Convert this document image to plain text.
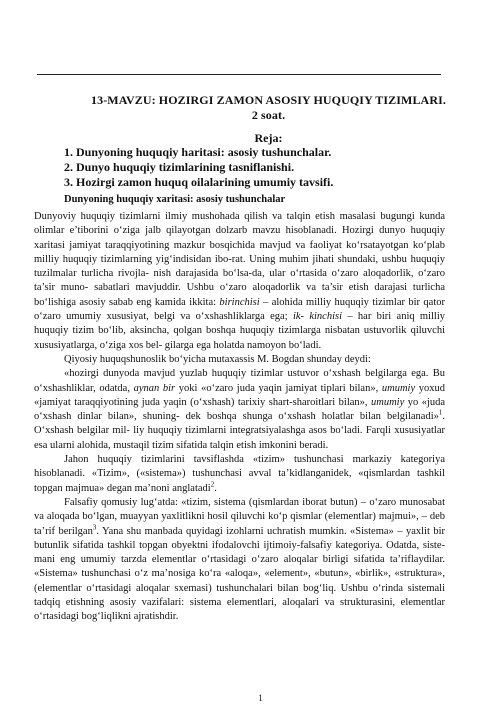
13-MAVZU: HOZIRGI ZAMON ASOSIY HUQUQIY TIZIMLARI.
2 soat.
Reja:
1. Dunyoning huquqiy haritasi: asosiy tushunchalar.
2. Dunyo huquqiy tizimlarining tasniflanishi.
3. Hozirgi zamon huquq oilalarining umumiy tavsifi.
Dunyoning huquqiy xaritasi: asosiy tushunchalar

Dunyoviy huquqiy tizimlarni ilmiy mushohada qilish va talqin etish masalasi bugungi kunda olimlar e’tiborini o‘ziga jalb qilayotgan dolzarb mavzu hisoblanadi. Hozirgi dunyo huquqiy xaritasi jamiyat taraqqiyotining mazkur bosqichida mavjud va faoliyat ko‘rsatayotgan ko‘plab milliy huquqiy tizimlarning yig‘indisidan ibo-rat. Uning muhim jihati shundaki, ushbu huquqiy tuzilmalar turlicha rivojla- nish darajasida bo‘lsa-da, ular o‘rtasida o‘zaro aloqadorlik, o‘zaro ta’sir muno- sabatlari mavjuddir. Ushbu o‘zaro aloqadorlik va ta’sir etish darajasi turlicha bo‘lishiga asosiy sabab eng kamida ikkita: birinchisi – alohida milliy huquqiy tizimlar bir qator o‘zaro umumiy xususiyat, belgi va o‘xshashliklarga ega; ik- kinchisi – har biri aniq milliy huquqiy tizim bo‘lib, aksincha, qolgan boshqa huquqiy tizimlarga nisbatan ustuvorlik qiluvchi xususiyatlarga, o‘ziga xos bel- gilarga ega holatda namoyon bo‘ladi.

Qiyosiy huquqshunoslik bo‘yicha mutaxassis M. Bogdan shunday deydi:

«hozirgi dunyoda mavjud yuzlab huquqiy tizimlar ustuvor o‘xshash belgilarga ega. Bu o‘xshashliklar, odatda, aynan bir yoki «o‘zaro juda yaqin jamiyat tiplari bilan», umumiy yoxud «jamiyat taraqqiyotining juda yaqin (o‘xshash) tarixiy shart-sharoitlari bilan», umumiy yo «juda o‘xshash dinlar bilan», shuning- dek boshqa shunga o‘xshash holatlar bilan belgilanadi»$^1$. O‘xshash belgilar mil- liy huquqiy tizimlarni integratsiyalashga asos bo‘ladi. Farqli xususiyatlar esa ularni alohida, mustaqil tizim sifatida talqin etish imkonini beradi.

Jahon huquqiy tizimlarini tavsiflashda «tizim» tushunchasi markaziy kategoriya hisoblanadi. «Tizim», («sistema») tushunchasi avval ta’kidlanganidek, «qismlardan tashkil topgan majmua» degan ma’noni anglatadi$^2$.

Falsafiy qomusiy lug‘atda: «tizim, sistema (qismlardan iborat butun) – o‘zaro munosabat va aloqada bo‘lgan, muayyan yaxlitlikni hosil qiluvchi ko‘p qismlar (elementlar) majmui», – deb ta’rif berilgan$^3$. Yana shu manbada quyidagi izohlarni uchratish mumkin. «Sistema» – yaxlit bir butunlik sifatida tashkil topgan obyektni ifodalovchi ijtimoiy-falsafiy kategoriya. Odatda, siste- mani eng umumiy tarzda elementlar o‘rtasidagi o‘zaro aloqalar birligi sifatida ta’riflaydilar. «Sistema» tushunchasi o‘z ma’nosiga ko‘ra «aloqa», «element», «butun», «birlik», «struktura», (elementlar o‘rtasidagi aloqalar sxemasi) tushunchalari bilan bog‘liq. Ushbu o‘rinda sistemali tadqiq etishning asosiy vazifalari: sistema elementlari, aloqalari va strukturasini, elementlar o‘rtasidagi bog‘liqlikni ajratishdir.

1
